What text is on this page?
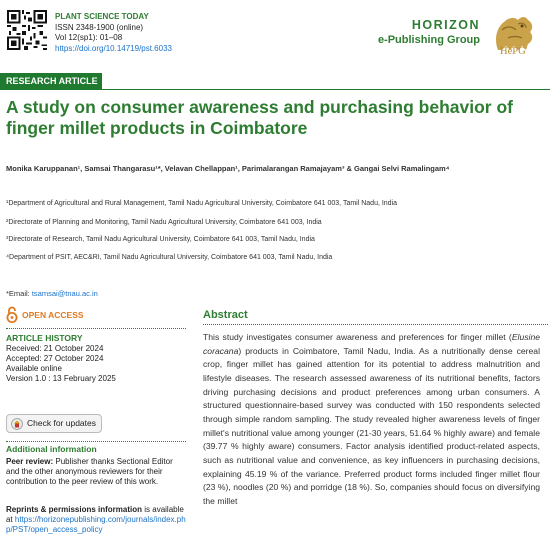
PLANT SCIENCE TODAY
ISSN 2348-1900 (online)
Vol 12(sp1): 01–08
https://doi.org/10.14719/pst.6033
HORIZON
e-Publishing Group
HePG
RESEARCH ARTICLE
A study on consumer awareness and purchasing behavior of finger millet products in Coimbatore
Monika Karuppanan¹, Samsai Thangarasu¹*, Velavan Chellappan¹, Parimalarangan Ramajayam³ & Gangai Selvi Ramalingam⁴
¹Department of Agricultural and Rural Management, Tamil Nadu Agricultural University, Coimbatore 641 003, Tamil Nadu, India
²Directorate of Planning and Monitoring, Tamil Nadu Agricultural University, Coimbatore 641 003, India
³Directorate of Research, Tamil Nadu Agricultural University, Coimbatore 641 003, Tamil Nadu, India
⁴Department of PSIT, AEC&RI, Tamil Nadu Agricultural University, Coimbatore 641 003, Tamil Nadu, India
*Email: tsamsai@tnau.ac.in
OPEN ACCESS
ARTICLE HISTORY
Received: 21 October 2024
Accepted: 27 October 2024
Available online
Version 1.0 : 13 February 2025
Check for updates
Additional information
Peer review: Publisher thanks Sectional Editor and the other anonymous reviewers for their contribution to the peer review of this work.
Reprints & permissions information is available at https://horizonepublishing.com/journals/index.php/PST/open_access_policy
Abstract
This study investigates consumer awareness and preferences for finger millet (Elusine coracana) products in Coimbatore, Tamil Nadu, India. As a nutritionally dense cereal crop, finger millet has gained attention for its potential to address malnutrition and lifestyle diseases. The research assessed awareness of its nutritional benefits, factors driving purchasing decisions and product preferences among urban consumers. A structured questionnaire-based survey was conducted with 150 respondents selected through simple random sampling. The study revealed higher awareness levels of finger millet's nutritional value among younger (21-30 years, 51.64 % highly aware) and female (39.77 % highly aware) consumers. Factor analysis identified product-related aspects, such as nutritional value and convenience, as key influencers in purchasing decisions, explaining 45.19 % of the variance. Preferred product forms included finger millet flour (23 %), noodles (20 %) and porridge (18 %). So, companies should focus on diversifying the millet
